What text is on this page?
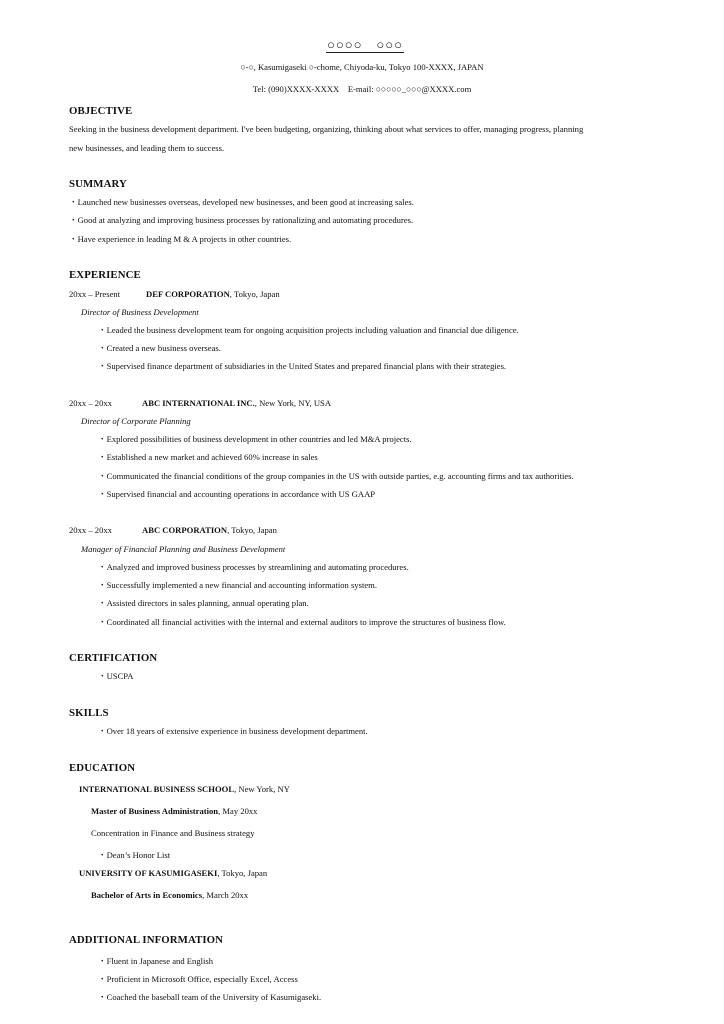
○○○○　○○○
○-○, Kasumigaseki ○-chome, Chiyoda-ku, Tokyo 100-XXXX, JAPAN
Tel: (090)XXXX-XXXX　E-mail: ○○○○○_○○○@XXXX.com
OBJECTIVE
Seeking in the business development department. I've been budgeting, organizing, thinking about what services to offer, managing progress, planning
new businesses, and leading them to success.
SUMMARY
・Launched new businesses overseas, developed new businesses, and been good at increasing sales.
・Good at analyzing and improving business processes by rationalizing and automating procedures.
・Have experience in leading M & A projects in other countries.
EXPERIENCE
20xx – Present	DEF CORPORATION, Tokyo, Japan
Director of Business Development
・Leaded the business development team for ongoing acquisition projects including valuation and financial due diligence.
・Created a new business overseas.
・Supervised finance department of subsidiaries in the United States and prepared financial plans with their strategies.
20xx – 20xx	ABC INTERNATIONAL INC., New York, NY, USA
Director of Corporate Planning
・Explored possibilities of business development in other countries and led M&A projects.
・Established a new market and achieved 60% increase in sales
・Communicated the financial conditions of the group companies in the US with outside parties, e.g. accounting firms and tax authorities.
・Supervised financial and accounting operations in accordance with US GAAP
20xx – 20xx	ABC CORPORATION, Tokyo, Japan
Manager of Financial Planning and Business Development
・Analyzed and improved business processes by streamlining and automating procedures.
・Successfully implemented a new financial and accounting information system.
・Assisted directors in sales planning, annual operating plan.
・Coordinated all financial activities with the internal and external auditors to improve the structures of business flow.
CERTIFICATION
・USCPA
SKILLS
・Over 18 years of extensive experience in business development department.
EDUCATION
INTERNATIONAL BUSINESS SCHOOL, New York, NY
Master of Business Administration, May 20xx
Concentration in Finance and Business strategy
・Dean’s Honor List
UNIVERSITY OF KASUMIGASEKI, Tokyo, Japan
Bachelor of Arts in Economics, March 20xx
ADDITIONAL INFORMATION
・Fluent in Japanese and English
・Proficient in Microsoft Office, especially Excel, Access
・Coached the baseball team of the University of Kasumigaseki.
